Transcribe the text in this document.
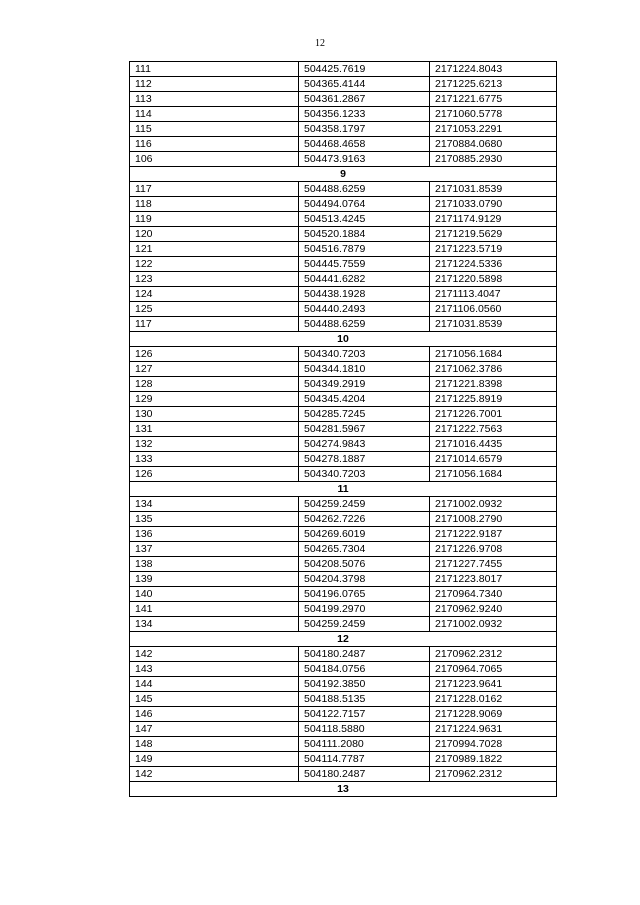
12
111	504425.7619	2171224.8043
112	504365.4144	2171225.6213
113	504361.2867	2171221.6775
114	504356.1233	2171060.5778
115	504358.1797	2171053.2291
116	504468.4658	2170884.0680
106	504473.9163	2170885.2930
9		
117	504488.6259	2171031.8539
118	504494.0764	2171033.0790
119	504513.4245	2171174.9129
120	504520.1884	2171219.5629
121	504516.7879	2171223.5719
122	504445.7559	2171224.5336
123	504441.6282	2171220.5898
124	504438.1928	2171113.4047
125	504440.2493	2171106.0560
117	504488.6259	2171031.8539
10		
126	504340.7203	2171056.1684
127	504344.1810	2171062.3786
128	504349.2919	2171221.8398
129	504345.4204	2171225.8919
130	504285.7245	2171226.7001
131	504281.5967	2171222.7563
132	504274.9843	2171016.4435
133	504278.1887	2171014.6579
126	504340.7203	2171056.1684
11		
134	504259.2459	2171002.0932
135	504262.7226	2171008.2790
136	504269.6019	2171222.9187
137	504265.7304	2171226.9708
138	504208.5076	2171227.7455
139	504204.3798	2171223.8017
140	504196.0765	2170964.7340
141	504199.2970	2170962.9240
134	504259.2459	2171002.0932
12		
142	504180.2487	2170962.2312
143	504184.0756	2170964.7065
144	504192.3850	2171223.9641
145	504188.5135	2171228.0162
146	504122.7157	2171228.9069
147	504118.5880	2171224.9631
148	504111.2080	2170994.7028
149	504114.7787	2170989.1822
142	504180.2487	2170962.2312
13		
